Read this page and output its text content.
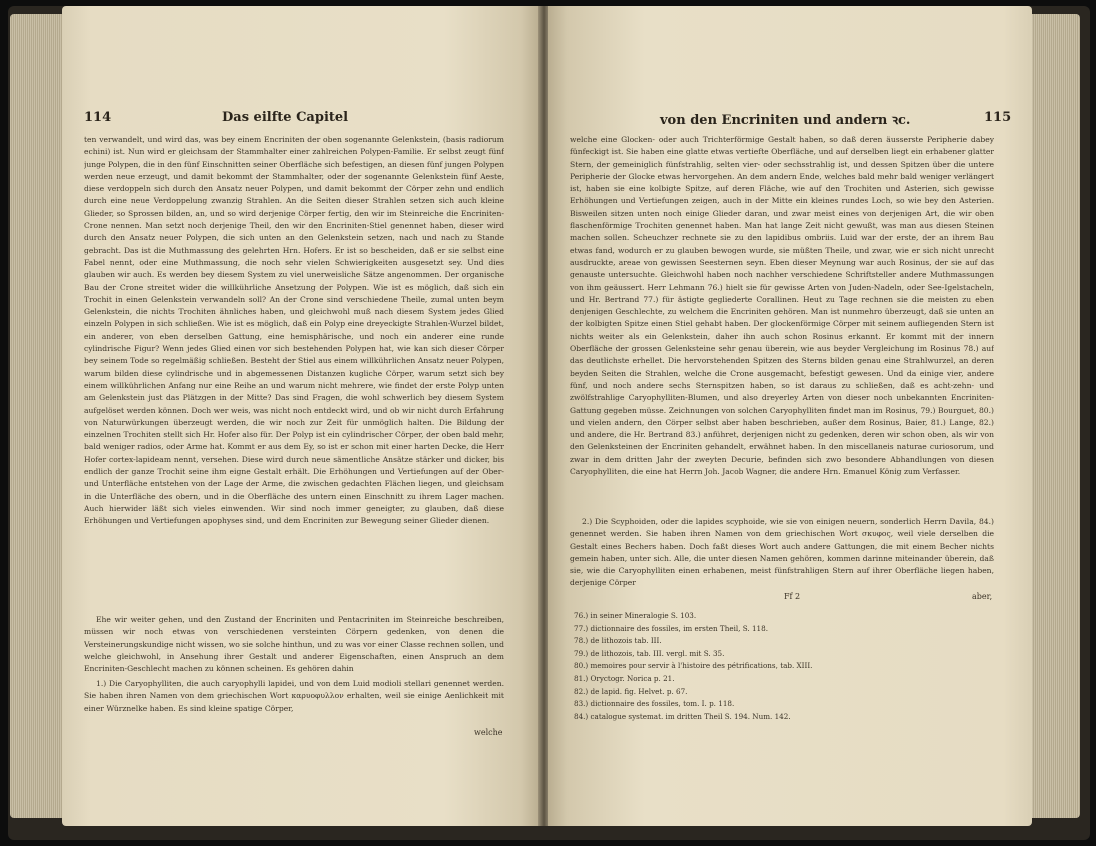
114	Das eilfte Capitel

ten verwandelt, und wird das, was bey einem Encriniten der oben sogenannte Gelenkstein, (basis radiorum echini) ist. Nun wird er gleichsam der Stammhalter einer zahlreichen Polypen-Familie. Er selbst zeugt fünf junge Polypen, die in den fünf Einschnitten seiner Oberfläche sich befestigen, an diesen fünf jungen Polypen werden neue erzeugt, und damit bekommt der Stammhalter, oder der sogenannte Gelenkstein fünf Aeste, diese verdoppeln sich durch den Ansatz neuer Polypen, und damit bekommt der Cörper zehn und endlich durch eine neue Verdoppelung zwanzig Strahlen. An die Seiten dieser Strahlen setzen sich auch kleine Glieder, so Sprossen bilden, an, und so wird derjenige Cörper fertig, den wir im Steinreiche die Encriniten-Crone nennen. Man setzt noch derjenige Theil, den wir den Encriniten-Stiel genennet haben, dieser wird durch den Ansatz neuer Polypen, die sich unten an den Gelenkstein setzen, nach und nach zu Stande gebracht. Das ist die Muthmassung des gelehrten Hrn. Hofers. Er ist so bescheiden, daß er sie selbst eine Fabel nennt, oder eine Muthmassung, die noch sehr vielen Schwierigkeiten ausgesetzt sey. Und dies glauben wir auch. Es werden bey diesem System zu viel unerweisliche Sätze angenommen. Der organische Bau der Crone streitet wider die willkührliche Ansetzung der Polypen. Wie ist es möglich, daß sich ein Trochit in einen Gelenkstein verwandeln soll? An der Crone sind verschiedene Theile, zumal unten beym Gelenkstein, die nichts Trochiten ähnliches haben, und gleichwohl muß nach diesem System jedes Glied einzeln Polypen in sich schließen. Wie ist es möglich, daß ein Polyp eine dreyeckigte Strahlen-Wurzel bildet, ein anderer, von eben derselben Gattung, eine hemisphärische, und noch ein anderer eine runde cylindrische Figur? Wenn jedes Glied einen vor sich bestehenden Polypen hat, wie kan sich dieser Cörper bey seinem Tode so regelmäßig schließen. Besteht der Stiel aus einem willkührlichen Ansatz neuer Polypen, warum bilden diese cylindrische und in abgemessenen Distanzen kugliche Cörper, warum setzt sich bey einem willkührlichen Anfang nur eine Reihe an und warum nicht mehrere, wie findet der erste Polyp unten am Gelenkstein just das Plätzgen in der Mitte? Das sind Fragen, die wohl schwerlich bey diesem System aufgelöset werden können. Doch wer weis, was nicht noch entdeckt wird, und ob wir nicht durch Erfahrung von Naturwürkungen überzeugt werden, die wir noch zur Zeit für unmöglich halten. Die Bildung der einzelnen Trochiten stellt sich Hr. Hofer also für. Der Polyp ist ein cylindrischer Cörper, der oben bald mehr, bald weniger radios, oder Arme hat. Kommt er aus dem Ey, so ist er schon mit einer harten Decke, die Herr Hofer cortex-lapideam nennt, versehen. Diese wird durch neue sämentliche Ansätze stärker und dicker, bis endlich der ganze Trochit seine ihm eigne Gestalt erhält. Die Erhöhungen und Vertiefungen auf der Ober- und Unterfläche entstehen von der Lage der Arme, die zwischen gedachten Flächen liegen, und gleichsam in die Unterfläche des obern, und in die Oberfläche des untern einen Einschnitt zu ihrem Lager machen. Auch hierwider läßt sich vieles einwenden. Wir sind noch immer geneigter, zu glauben, daß diese Erhöhungen und Vertiefungen apophyses sind, und dem Encriniten zur Bewegung seiner Glieder dienen.

Ehe wir weiter gehen, und den Zustand der Encriniten und Pentacriniten im Steinreiche beschreiben, müssen wir noch etwas von verschiedenen versteinten Cörpern gedenken, von denen die Versteinerungskundige nicht wissen, wo sie solche hinthun, und zu was vor einer Classe rechnen sollen, und welche gleichwohl, in Ansehung ihrer Gestalt und anderer Eigenschaften, einen Anspruch an dem Encriniten-Geschlecht machen zu können scheinen. Es gehören dahin

1.) Die Caryophylliten, die auch caryophylli lapidei, und von dem Luid modioli stellari genennet werden. Sie haben ihren Namen von dem griechischen Wort καρυοφυλλον erhalten, weil sie einige Aenlichkeit mit einer Würznelke haben. Es sind kleine spatige Cörper,

welche
von den Encriniten und andern ꝛc.	115

welche eine Glocken- oder auch Trichterförmige Gestalt haben, so daß deren äusserste Peripherie dabey fünfeckigt ist. Sie haben eine glatte etwas vertiefte Oberfläche, und auf derselben liegt ein erhabener glatter Stern, der gemeiniglich fünfstrahlig, selten vier- oder sechsstrahlig ist, und dessen Spitzen über die untere Peripherie der Glocke etwas hervorgehen. An dem andern Ende, welches bald mehr bald weniger verlängert ist, haben sie eine kolbigte Spitze, auf deren Fläche, wie auf den Trochiten und Asterien, sich gewisse Erhöhungen und Vertiefungen zeigen, auch in der Mitte ein kleines rundes Loch, so wie bey den Asterien. Bisweilen sitzen unten noch einige Glieder daran, und zwar meist eines von derjenigen Art, die wir oben flaschenförmige Trochiten genennet haben. Man hat lange Zeit nicht gewußt, was man aus diesen Steinen machen sollen. Scheuchzer rechnete sie zu den lapidibus ombriis. Luid war der erste, der an ihrem Bau etwas fand, wodurch er zu glauben bewogen wurde, sie müßten Theile, und zwar, wie er sich nicht unrecht ausdruckte, areae von gewissen Seesternen seyn. Eben dieser Meynung war auch Rosinus, der sie auf das genauste untersuchte. Gleichwohl haben noch nachher verschiedene Schriftsteller andere Muthmassungen von ihm geäussert. Herr Lehmann 76.) hielt sie für gewisse Arten von Juden-Nadeln, oder See-Igelstacheln, und Hr. Bertrand 77.) für ästigte gegliederte Corallinen. Heut zu Tage rechnen sie die meisten zu eben denjenigen Geschlechte, zu welchem die Encriniten gehören. Man ist nunmehro überzeugt, daß sie unten an der kolbigten Spitze einen Stiel gehabt haben. Der glockenförmige Cörper mit seinem aufliegenden Stern ist nichts weiter als ein Gelenkstein, daher ihn auch schon Rosinus erkannt. Er kommt mit der innern Oberfläche der grossen Gelenksteine sehr genau überein, wie aus beyder Vergleichung im Rosinus 78.) auf das deutlichste erhellet. Die hervorstehenden Spitzen des Sterns bilden genau eine Strahlwurzel, an deren beyden Seiten die Strahlen, welche die Crone ausgemacht, befestigt gewesen. Und da einige vier, andere fünf, und noch andere sechs Sternspitzen haben, so ist daraus zu schließen, daß es acht-zehn- und zwölfstrahlige Caryophylliten-Blumen, und also dreyerley Arten von dieser noch unbekannten Encriniten-Gattung gegeben müsse. Zeichnungen von solchen Caryophylliten findet man im Rosinus, 79.) Bourguet, 80.) und vielen andern, den Cörper selbst aber haben beschrieben, außer dem Rosinus, Baier, 81.) Lange, 82.) und andere, die Hr. Bertrand 83.) anführet, derjenigen nicht zu gedenken, deren wir schon oben, als wir von den Gelenksteinen der Encriniten gehandelt, erwähnet haben. In den miscellaneis naturae curiosorum, und zwar in dem dritten Jahr der zweyten Decurie, befinden sich zwo besondere Abhandlungen von diesen Caryophylliten, die eine hat Herrn Joh. Jacob Wagner, die andere Hrn. Emanuel König zum Verfasser.

2.) Die Scyphoiden, oder die lapides scyphoide, wie sie von einigen neuern, sonderlich Herrn Davila, 84.) genennet werden. Sie haben ihren Namen von dem griechischen Wort σκυφος, weil viele derselben die Gestalt eines Bechers haben. Doch faßt dieses Wort auch andere Gattungen, die mit einem Becher nichts gemein haben, unter sich. Alle, die unter diesen Namen gehören, kommen darinne miteinander überein, daß sie, wie die Caryophylliten einen erhabenen, meist fünfstrahligen Stern auf ihrer Oberfläche liegen haben, derjenige Cörper

Ff 2	aber,
76.) in seiner Mineralogie S. 103.
77.) dictionnaire des fossiles, im ersten Theil, S. 118.
78.) de lithozois tab. III.
79.) de lithozois, tab. III. vergl. mit S. 35.
80.) memoires pour servir à l'histoire des pétrifications, tab. XIII.
81.) Oryctogr. Norica p. 21.
82.) de lapid. fig. Helvet. p. 67.
83.) dictionnaire des fossiles, tom. I. p. 118.
84.) catalogue systemat. im dritten Theil S. 194. Num. 142.
